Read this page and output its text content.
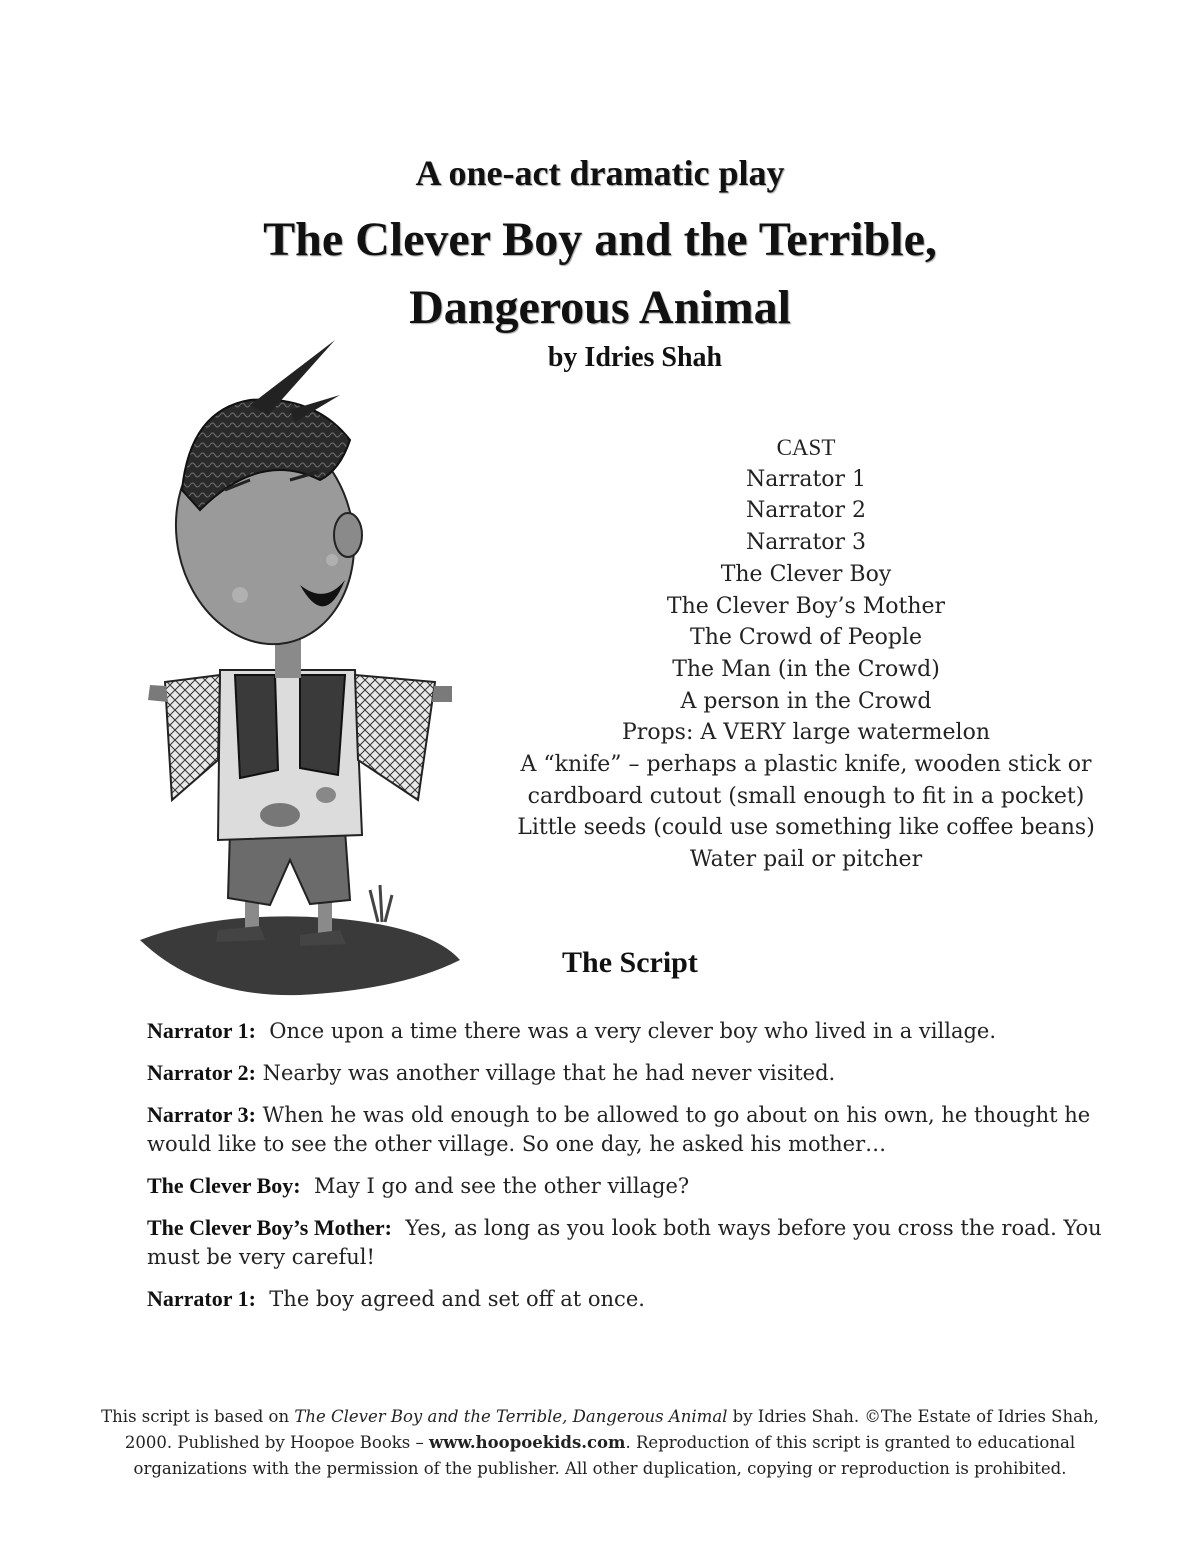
A one-act dramatic play
The Clever Boy and the Terrible,
Dangerous Animal
by Idries Shah
CAST
Narrator 1
Narrator 2
Narrator 3
The Clever Boy
The Clever Boy’s Mother
The Crowd of People
The Man (in the Crowd)
A person in the Crowd
Props: A VERY large watermelon
A “knife” – perhaps a plastic knife, wooden stick or
cardboard cutout (small enough to fit in a pocket)
Little seeds (could use something like coffee beans)
Water pail or pitcher
The Script
Narrator 1: Once upon a time there was a very clever boy who lived in a village.
Narrator 2: Nearby was another village that he had never visited.
Narrator 3: When he was old enough to be allowed to go about on his own, he thought he would like to see the other village. So one day, he asked his mother…
The Clever Boy: May I go and see the other village?
The Clever Boy’s Mother: Yes, as long as you look both ways before you cross the road. You must be very careful!
Narrator 1: The boy agreed and set off at once.
This script is based on The Clever Boy and the Terrible, Dangerous Animal by Idries Shah. ©The Estate of Idries Shah, 2000. Published by Hoopoe Books – www.hoopoekids.com. Reproduction of this script is granted to educational organizations with the permission of the publisher. All other duplication, copying or reproduction is prohibited.
